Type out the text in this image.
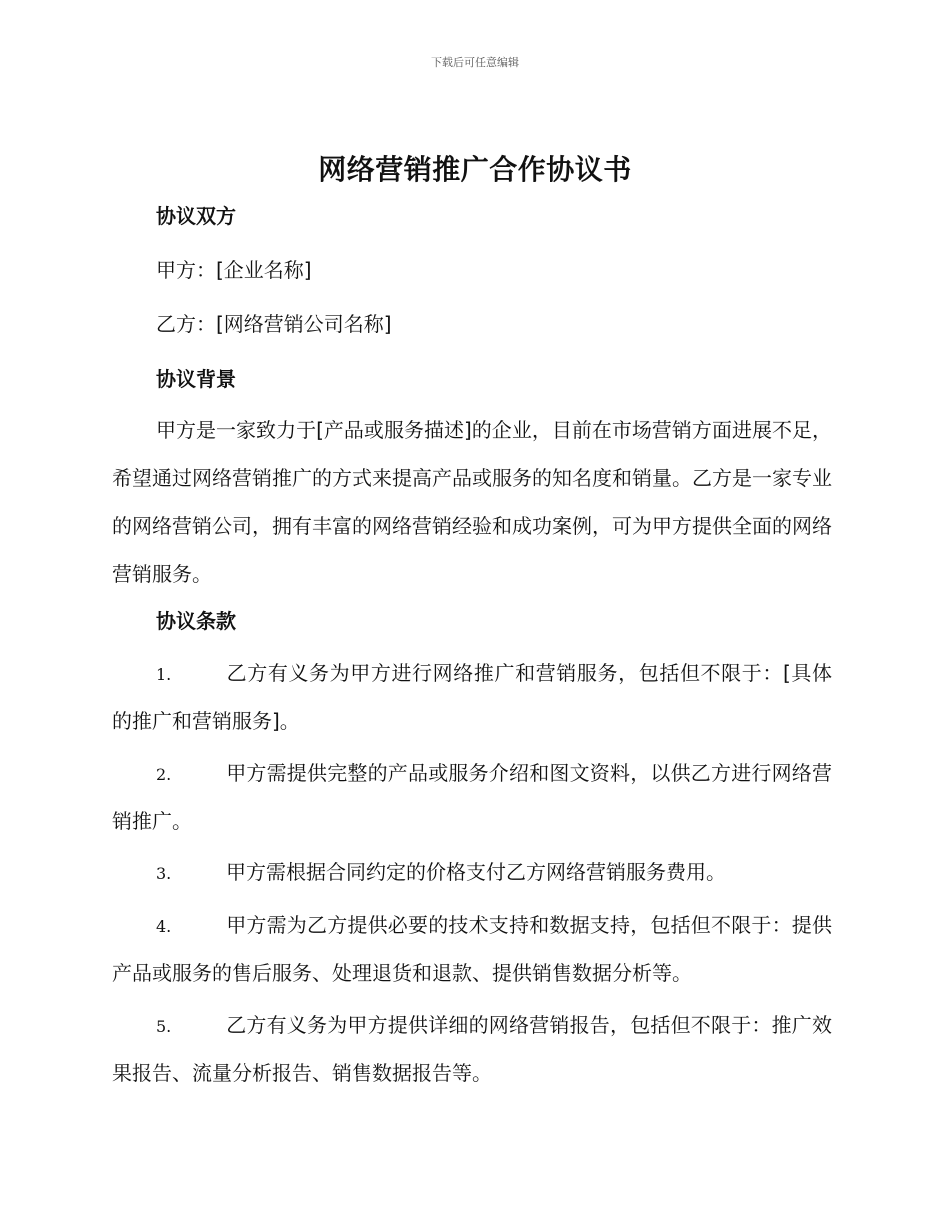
下载后可任意编辑
网络营销推广合作协议书
协议双方
甲方：[企业名称]
乙方：[网络营销公司名称]
协议背景
甲方是一家致力于[产品或服务描述]的企业，目前在市场营销方面进展不足，希望通过网络营销推广的方式来提高产品或服务的知名度和销量。乙方是一家专业的网络营销公司，拥有丰富的网络营销经验和成功案例，可为甲方提供全面的网络营销服务。
协议条款
1.	乙方有义务为甲方进行网络推广和营销服务，包括但不限于：[具体的推广和营销服务]。
2.	甲方需提供完整的产品或服务介绍和图文资料，以供乙方进行网络营销推广。
3.	甲方需根据合同约定的价格支付乙方网络营销服务费用。
4.	甲方需为乙方提供必要的技术支持和数据支持，包括但不限于：提供产品或服务的售后服务、处理退货和退款、提供销售数据分析等。
5.	乙方有义务为甲方提供详细的网络营销报告，包括但不限于：推广效果报告、流量分析报告、销售数据报告等。
